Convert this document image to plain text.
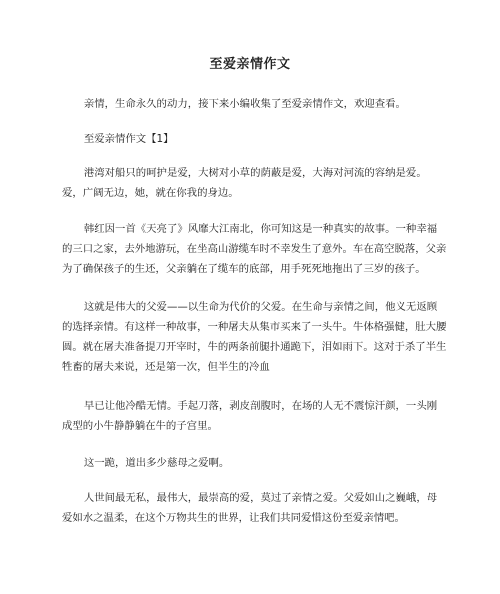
至爱亲情作文

亲情，生命永久的动力，接下来小编收集了至爱亲情作文，欢迎查看。

至爱亲情作文【1】

港湾对船只的呵护是爱，大树对小草的荫蔽是爱，大海对河流的容纳是爱。爱，广阔无边，她，就在你我的身边。

韩红因一首《天亮了》风靡大江南北，你可知这是一种真实的故事。一种幸福的三口之家，去外地游玩，在坐高山游缆车时不幸发生了意外。车在高空脱落，父亲为了确保孩子的生还，父亲躺在了缆车的底部，用手死死地拖出了三岁的孩子。

这就是伟大的父爱——以生命为代价的父爱。在生命与亲情之间，他义无返顾的选择亲情。有这样一种故事，一种屠夫从集市买来了一头牛。牛体格强健，肚大腰圆。就在屠夫准备提刀开宰时，牛的两条前腿扑通跪下，泪如雨下。这对于杀了半生牲畜的屠夫来说，还是第一次，但半生的冷血

早已让他冷酷无情。手起刀落，剥皮剖腹时，在场的人无不震惊汗颜，一头刚成型的小牛静静躺在牛的子宫里。

这一跪，道出多少慈母之爱啊。

人世间最无私，最伟大，最崇高的爱，莫过了亲情之爱。父爱如山之巍峨，母爱如水之温柔，在这个万物共生的世界，让我们共同爱惜这份至爱亲情吧。
